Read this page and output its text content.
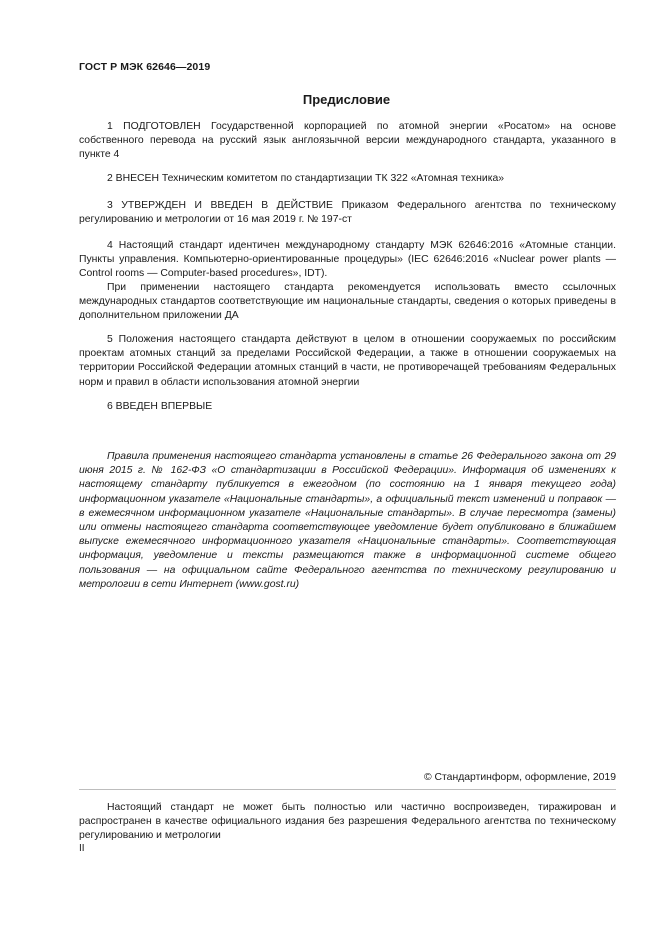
ГОСТ Р МЭК 62646—2019
Предисловие

1 ПОДГОТОВЛЕН Государственной корпорацией по атомной энергии «Росатом» на основе собственного перевода на русский язык англоязычной версии международного стандарта, указанного в пункте 4

2 ВНЕСЕН Техническим комитетом по стандартизации ТК 322 «Атомная техника»

3 УТВЕРЖДЕН И ВВЕДЕН В ДЕЙСТВИЕ Приказом Федерального агентства по техническому регулированию и метрологии от 16 мая 2019 г. № 197-ст

4 Настоящий стандарт идентичен международному стандарту МЭК 62646:2016 «Атомные станции. Пункты управления. Компьютерно-ориентированные процедуры» (IEC 62646:2016 «Nuclear power plants — Control rooms — Computer-based procedures», IDT).

При применении настоящего стандарта рекомендуется использовать вместо ссылочных международных стандартов соответствующие им национальные стандарты, сведения о которых приведены в дополнительном приложении ДА

5 Положения настоящего стандарта действуют в целом в отношении сооружаемых по российским проектам атомных станций за пределами Российской Федерации, а также в отношении сооружаемых на территории Российской Федерации атомных станций в части, не противоречащей требованиям Федеральных норм и правил в области использования атомной энергии

6 ВВЕДЕН ВПЕРВЫЕ

Правила применения настоящего стандарта установлены в статье 26 Федерального закона от 29 июня 2015 г. № 162-ФЗ «О стандартизации в Российской Федерации». Информация об изменениях к настоящему стандарту публикуется в ежегодном (по состоянию на 1 января текущего года) информационном указателе «Национальные стандарты», а официальный текст изменений и поправок — в ежемесячном информационном указателе «Национальные стандарты». В случае пересмотра (замены) или отмены настоящего стандарта соответствующее уведомление будет опубликовано в ближайшем выпуске ежемесячного информационного указателя «Национальные стандарты». Соответствующая информация, уведомление и тексты размещаются также в информационной системе общего пользования — на официальном сайте Федерального агентства по техническому регулированию и метрологии в сети Интернет (www.gost.ru)

© Стандартинформ, оформление, 2019

Настоящий стандарт не может быть полностью или частично воспроизведен, тиражирован и распространен в качестве официального издания без разрешения Федерального агентства по техническому регулированию и метрологии

II
